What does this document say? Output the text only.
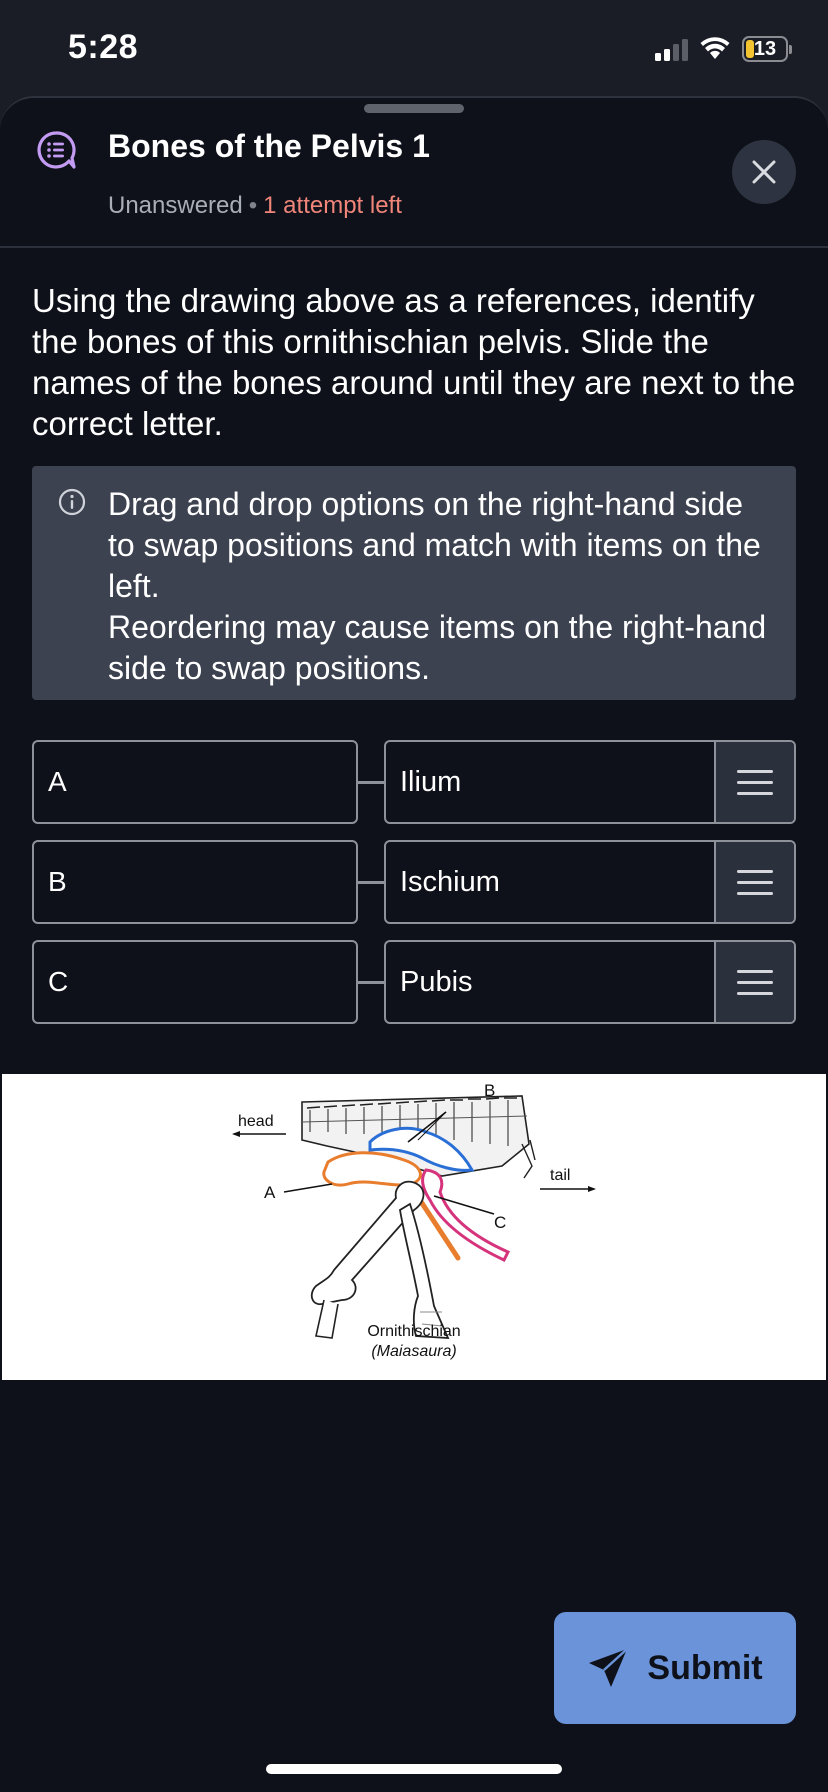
5:28	13
Bones of the Pelvis 1
Unanswered • 1 attempt left
Using the drawing above as a references, identify the bones of this ornithischian pelvis. Slide the names of the bones around until they are next to the correct letter.
Drag and drop options on the right-hand side to swap positions and match with items on the left.
Reordering may cause items on the right-hand side to swap positions.
A	Ilium
B	Ischium
C	Pubis
head
tail
A
B
C
Ornithischian
(Maiasaura)
Submit
